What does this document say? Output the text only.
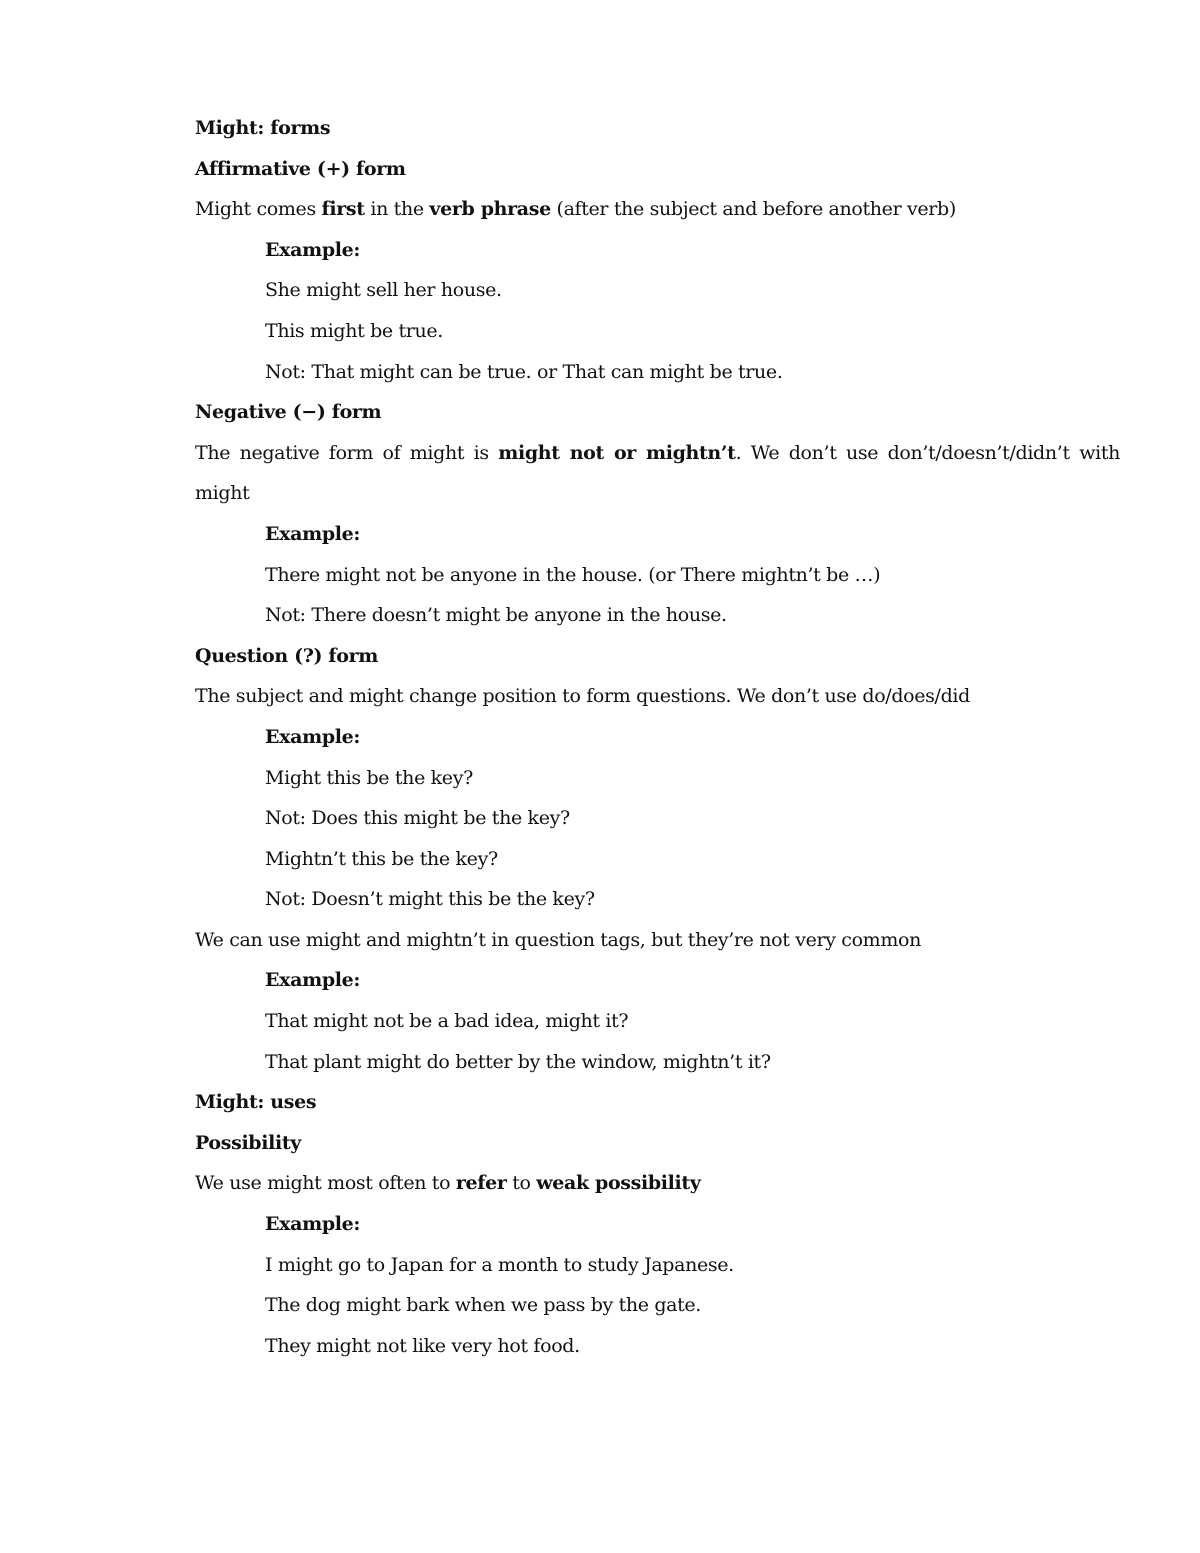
Might: forms
Affirmative (+) form
Might comes first in the verb phrase (after the subject and before another verb)
Example:
She might sell her house.
This might be true.
Not: That might can be true. or That can might be true.
Negative (−) form
The negative form of might is might not or mightn’t. We don’t use don’t/doesn’t/didn’t with might
Example:
There might not be anyone in the house. (or There mightn’t be …)
Not: There doesn’t might be anyone in the house.
Question (?) form
The subject and might change position to form questions. We don’t use do/does/did
Example:
Might this be the key?
Not: Does this might be the key?
Mightn’t this be the key?
Not: Doesn’t might this be the key?
We can use might and mightn’t in question tags, but they’re not very common
Example:
That might not be a bad idea, might it?
That plant might do better by the window, mightn’t it?
Might: uses
Possibility
We use might most often to refer to weak possibility
Example:
I might go to Japan for a month to study Japanese.
The dog might bark when we pass by the gate.
They might not like very hot food.
